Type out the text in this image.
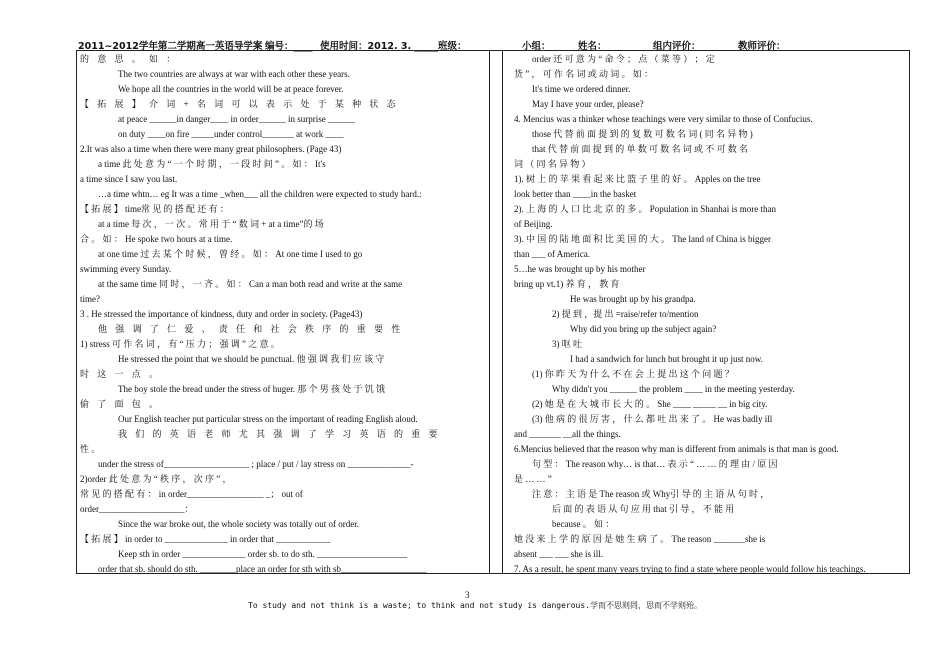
2011~2012学年第二学期高一英语导学案 编号：____ 使用时间：2012. 3. _____ 班级：	小组：	姓名：	组内评价：	教师评价：
的 意 思 。 如 ：
The two countries are always at war with each other these years.
We hope all the countries in the world will be at peace forever.
【 拓 展 】 介 词 + 名 词 可 以 表 示 处 于 某 种 状 态
at peace ______in danger____ in order______ in surprise ______
on duty ____on fire _____under control_______ at work ____
2.It was also a time when there were many great philosophers. (Page 43)
a time 此 处 意 为 “ 一 个 时 期 ， 一 段 时 间 ” 。 如 ： It's
a time since I saw you last.
…a time whtn… eg It was a time _when___ all the children were expected to study hard.:
【 拓 展 】 time常 见 的 搭 配 还 有 ：
at a time 每 次 ， 一 次 。 常 用 于 “ 数 词 + at a time”的 场
合 。 如 ： He spoke two hours at a time.
at one time 过 去 某 个 时 候 ， 曾 经 。 如 ： At one time I used to go
swimming every Sunday.
at the same time 同 时 ， 一 齐 。 如 ： Can a man both read and write at the same
time?
3 . He stressed the importance of kindness, duty and order in society. (Page43)
他 强 调 了 仁 爱 、 责 任 和 社 会 秩 序 的 重 要 性
1) stress 可 作 名 词 ， 有 “ 压 力 ； 强 调 ” 之 意 。
He stressed the point that we should be punctual. 他 强 调 我 们 应 该 守
时 这 一 点 。
The boy stole the bread under the stress of huger. 那 个 男 孩 处 于 饥 饿
偷 了 面 包 。
Our English teacher put particular stress on the important of reading English aloud.
我 们 的 英 语 老 师 尤 其 强 调 了 学 习 英 语 的 重 要
性 。
under the stress of___________________ ; place / put / lay stress on ______________-
2)order 此 处 意 为 “ 秩 序 ， 次 序 ” ，
常 见 的 搭 配 有 ： in order_________________ _； out of
order___________________：
Since the war broke out, the whole society was totally out of order.
【 拓 展 】 in order to ______________ in order that ____________
Keep sth in order ______________ order sb. to do sth. ____________________
order that sb. should do sth. ________place an order for sth with sb___________________
order 还 可 意 为 “ 命 令 ； 点 （ 菜 等 ） ； 定
货 ” ， 可 作 名 词 或 动 词 。 如 ：
It's time we ordered dinner.
May I have your order, please?
4. Mencius was a thinker whose teachings were very similar to those of Confucius.
those 代 替 前 面 提 到 的 复 数 可 数 名 词 ( 同 名 异 物 )
that 代 替 前 面 提 到 的 单 数 可 数 名 词 或 不 可 数 名
词 （ 同 名 异 物 ）
1). 树 上 的 苹 果 看 起 来 比 篮 子 里 的 好 。 Apples on the tree
look better than ____in the basket
2). 上 海 的 人 口 比 北 京 的 多 。 Population in Shanhai is more than
of Beijing.
3). 中 国 的 陆 地 面 积 比 美 国 的 大 。 The land of China is bigger
than ___ of America.
5…he was brought up by his mother
bring up vt.1) 养 育 ， 教 育
He was brought up by his grandpa.
2) 提 到 ，提 出 =raise/refer to/mention
Why did you bring up the subject again?
3) 呕 吐
I had a sandwich for lunch but brought it up just now.
(1) 你 昨 天 为 什 么 不 在 会 上 提 出 这 个 问 题 ？
Why didn't you ______ the problem ____ in the meeting yesterday.
(2) 她 是 在 大 城 市 长 大 的 。 She ____ _____ __ in big city.
(3) 他 病 的 很 厉 害 ， 什 么 都 吐 出 来 了 。 He was badly ill
and _______ __all the things.
6.Mencius believed that the reason why man is different from animals is that man is good.
句 型 ： The reason why… is that… 表 示 “ … … 的 理 由 / 原 因
是 … … ”
注 意 ： 主 语 是 The reason 或 Why引 导 的 主 语 从 句 时 ，
后 面 的 表 语 从 句 应 用 that 引 导 ， 不 能 用
because 。 如 ：
她 没 来 上 学 的 原 因 是 她 生 病 了 。 The reason _______she is
absent ___ ___ she is ill.
7. As a result, he spent many years trying to find a state where people would follow his teachings.
3
To study and not think is a waste; to think and not study is dangerous.学而不思则罔，思而不学则殆。
